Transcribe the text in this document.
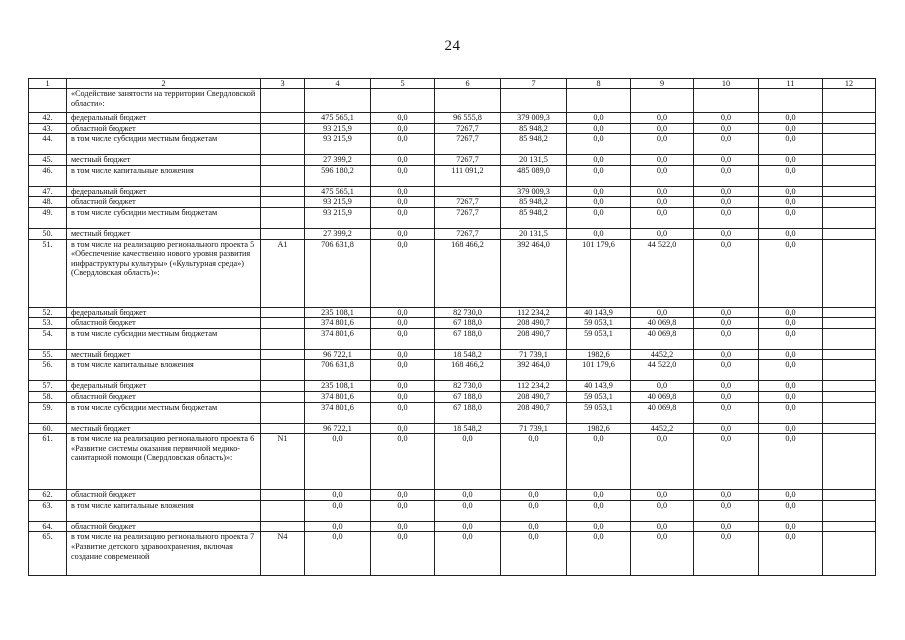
24
1	2	3	4	5	6	7	8	9	10	11	12
	«Содействие занятости на территории Свердловской области»:										
42.	федеральный бюджет		475 565,1	0,0	96 555,8	379 009,3	0,0	0,0	0,0	0,0	
43.	областной бюджет		93 215,9	0,0	7267,7	85 948,2	0,0	0,0	0,0	0,0	
44.	в том числе субсидии местным бюджетам		93 215,9	0,0	7267,7	85 948,2	0,0	0,0	0,0	0,0	
45.	местный бюджет		27 399,2	0,0	7267,7	20 131,5	0,0	0,0	0,0	0,0	
46.	в том числе капитальные вложения		596 180,2	0,0	111 091,2	485 089,0	0,0	0,0	0,0	0,0	
47.	федеральный бюджет		475 565,1	0,0		379 009,3	0,0	0,0	0,0	0,0	
48.	областной бюджет		93 215,9	0,0	7267,7	85 948,2	0,0	0,0	0,0	0,0	
49.	в том числе субсидии местным бюджетам		93 215,9	0,0	7267,7	85 948,2	0,0	0,0	0,0	0,0	
50.	местный бюджет		27 399,2	0,0	7267,7	20 131,5	0,0	0,0	0,0	0,0	
51.	в том числе на реализацию регионального проекта 5 «Обеспечение качественно нового уровня развития инфраструктуры культуры» («Культурная среда») (Свердловская область)»:	A1	706 631,8	0,0	168 466,2	392 464,0	101 179,6	44 522,0	0,0	0,0	
52.	федеральный бюджет		235 108,1	0,0	82 730,0	112 234,2	40 143,9	0,0	0,0	0,0	
53.	областной бюджет		374 801,6	0,0	67 188,0	208 490,7	59 053,1	40 069,8	0,0	0,0	
54.	в том числе субсидии местным бюджетам		374 801,6	0,0	67 188,0	208 490,7	59 053,1	40 069,8	0,0	0,0	
55.	местный бюджет		96 722,1	0,0	18 548,2	71 739,1	1982,6	4452,2	0,0	0,0	
56.	в том числе капитальные вложения		706 631,8	0,0	168 466,2	392 464,0	101 179,6	44 522,0	0,0	0,0	
57.	федеральный бюджет		235 108,1	0,0	82 730,0	112 234,2	40 143,9	0,0	0,0	0,0	
58.	областной бюджет		374 801,6	0,0	67 188,0	208 490,7	59 053,1	40 069,8	0,0	0,0	
59.	в том числе субсидии местным бюджетам		374 801,6	0,0	67 188,0	208 490,7	59 053,1	40 069,8	0,0	0,0	
60.	местный бюджет		96 722,1	0,0	18 548,2	71 739,1	1982,6	4452,2	0,0	0,0	
61.	в том числе на реализацию регионального проекта 6 «Развитие системы оказания первичной медико-санитарной помощи (Свердловская область)»:	N1	0,0	0,0	0,0	0,0	0,0	0,0	0,0	0,0	
62.	областной бюджет		0,0	0,0	0,0	0,0	0,0	0,0	0,0	0,0	
63.	в том числе капитальные вложения		0,0	0,0	0,0	0,0	0,0	0,0	0,0	0,0	
64.	областной бюджет		0,0	0,0	0,0	0,0	0,0	0,0	0,0	0,0	
65.	в том числе на реализацию регионального проекта 7 «Развитие детского здравоохранения, включая создание современной	N4	0,0	0,0	0,0	0,0	0,0	0,0	0,0	0,0	
